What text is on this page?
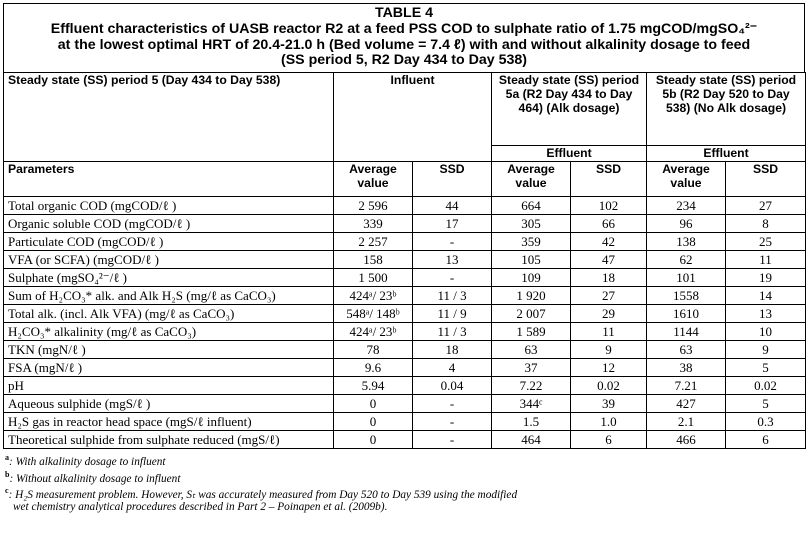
TABLE 4
Effluent characteristics of UASB reactor R2 at a feed PSS COD to sulphate ratio of 1.75 mgCOD/mgSO₄²⁻
at the lowest optimal HRT of 20.4-21.0 h (Bed volume = 7.4 ℓ) with and without alkalinity dosage to feed
(SS period 5, R2 Day 434 to Day 538)
Steady state (SS) period 5 (Day 434 to Day 538)	Influent		Steady state (SS) period 5a (R2 Day 434 to Day 464) (Alk dosage)		Steady state (SS) period 5b (R2 Day 520 to Day 538) (No Alk dosage)	
			Effluent		Effluent	
Parameters	Average value	SSD	Average value	SSD	Average value	SSD
Total organic COD (mgCOD/ℓ )	2 596	44	664	102	234	27
Organic soluble COD (mgCOD/ℓ )	339	17	305	66	96	8
Particulate COD (mgCOD/ℓ )	2 257	-	359	42	138	25
VFA (or SCFA) (mgCOD/ℓ )	158	13	105	47	62	11
Sulphate (mgSO₄²⁻/ℓ )	1 500	-	109	18	101	19
Sum of H₂CO₃* alk. and Alk H₂S (mg/ℓ as CaCO₃)	424ᵃ/ 23ᵇ	11 / 3	1 920	27	1558	14
Total alk. (incl. Alk VFA) (mg/ℓ as CaCO₃)	548ᵃ/ 148ᵇ	11 / 9	2 007	29	1610	13
H₂CO₃* alkalinity (mg/ℓ as CaCO₃)	424ᵃ/ 23ᵇ	11 / 3	1 589	11	1144	10
TKN (mgN/ℓ )	78	18	63	9	63	9
FSA (mgN/ℓ )	9.6	4	37	12	38	5
pH	5.94	0.04	7.22	0.02	7.21	0.02
Aqueous sulphide (mgS/ℓ )	0	-	344ᶜ	39	427	5
H₂S gas in reactor head space (mgS/ℓ influent)	0	-	1.5	1.0	2.1	0.3
Theoretical sulphide from sulphate reduced (mgS/ℓ)	0	-	464	6	466	6
$^a$: With alkalinity dosage to influent
$^b$: Without alkalinity dosage to influent
$^c$: H₂S measurement problem. However, Sₜ was accurately measured from Day 520 to Day 539 using the modified
wet chemistry analytical procedures described in Part 2 – Poinapen et al. (2009b).
